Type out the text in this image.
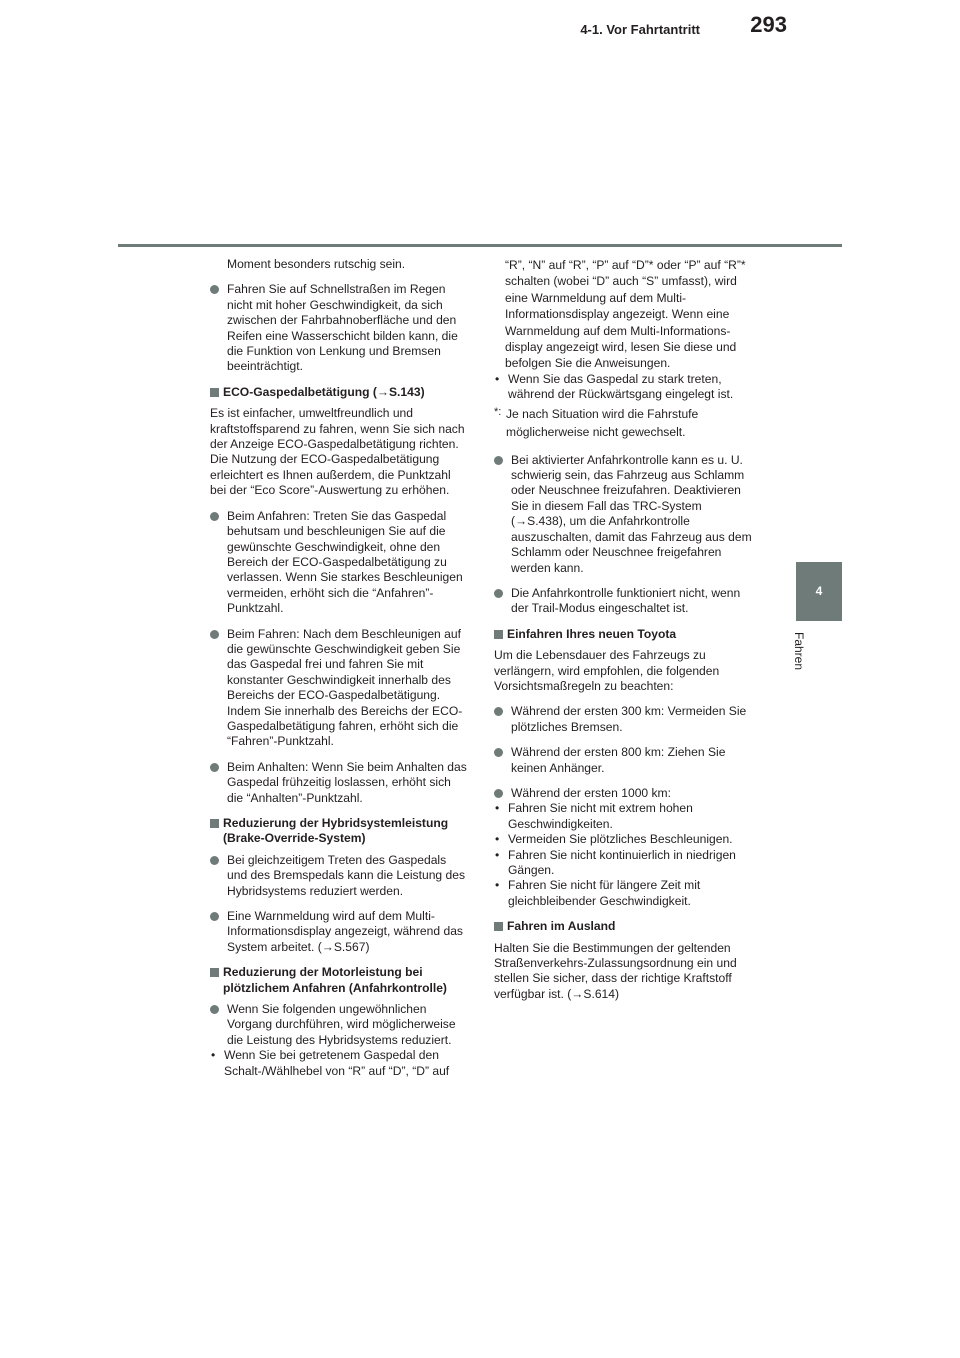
293
4-1. Vor Fahrtantritt
4
Fahren

Moment besonders rutschig sein.

Fahren Sie auf Schnellstraßen im Regen nicht mit hoher Geschwindigkeit, da sich zwischen der Fahrbahnoberfläche und den Reifen eine Wasserschicht bilden kann, die die Funktion von Lenkung und Bremsen beeinträchtigt.
ECO-Gaspedalbetätigung (→S.143)

Es ist einfacher, umweltfreundlich und kraftstoffsparend zu fahren, wenn Sie sich nach der Anzeige ECO-Gaspedalbetätigung richten. Die Nutzung der ECO-Gaspedalbetätigung erleichtert es Ihnen außerdem, die Punktzahl bei der “Eco Score”-Auswertung zu erhöhen.

Beim Anfahren: Treten Sie das Gaspedal behutsam und beschleunigen Sie auf die gewünschte Geschwindigkeit, ohne den Bereich der ECO-Gaspedalbetätigung zu verlassen. Wenn Sie starkes Beschleunigen vermeiden, erhöht sich die “Anfahren”-Punktzahl.
Beim Fahren: Nach dem Beschleunigen auf die gewünschte Geschwindigkeit geben Sie das Gaspedal frei und fahren Sie mit konstanter Geschwindigkeit innerhalb des Bereichs der ECO-Gaspedalbetätigung. Indem Sie innerhalb des Bereichs der ECO-Gaspedalbetätigung fahren, erhöht sich die “Fahren”-Punktzahl.
Beim Anhalten: Wenn Sie beim Anhalten das Gaspedal frühzeitig loslassen, erhöht sich die “Anhalten”-Punktzahl.
Reduzierung der Hybridsystemleistung (Brake-Override-System)
Bei gleichzeitigem Treten des Gaspedals und des Bremspedals kann die Leistung des Hybridsystems reduziert werden.
Eine Warnmeldung wird auf dem Multi-Informationsdisplay angezeigt, während das System arbeitet. (→S.567)
Reduzierung der Motorleistung bei plötzlichem Anfahren (Anfahrkontrolle)
Wenn Sie folgenden ungewöhnlichen Vorgang durchführen, wird möglicherweise die Leistung des Hybridsystems reduziert.
• Wenn Sie bei getretenem Gaspedal den Schalt-/Wählhebel von “R” auf “D”, “D” auf

“R”, “N” auf “R”, “P” auf “D”* oder “P” auf “R”* schalten (wobei “D” auch “S” umfasst), wird eine Warnmeldung auf dem Multi-Informationsdisplay angezeigt. Wenn eine Warnmeldung auf dem Multi-Informations-display angezeigt wird, lesen Sie diese und befolgen Sie die Anweisungen.

• Wenn Sie das Gaspedal zu stark treten, während der Rückwärtsgang eingelegt ist.
*: Je nach Situation wird die Fahrstufe möglicherweise nicht gewechselt.
Bei aktivierter Anfahrkontrolle kann es u. U. schwierig sein, das Fahrzeug aus Schlamm oder Neuschnee freizufahren. Deaktivieren Sie in diesem Fall das TRC-System (→S.438), um die Anfahrkontrolle auszuschalten, damit das Fahrzeug aus dem Schlamm oder Neuschnee freigefahren werden kann.
Die Anfahrkontrolle funktioniert nicht, wenn der Trail-Modus eingeschaltet ist.
Einfahren Ihres neuen Toyota

Um die Lebensdauer des Fahrzeugs zu verlängern, wird empfohlen, die folgenden Vorsichtsmaßregeln zu beachten:

Während der ersten 300 km: Vermeiden Sie plötzliches Bremsen.
Während der ersten 800 km: Ziehen Sie keinen Anhänger.
Während der ersten 1000 km:
• Fahren Sie nicht mit extrem hohen Geschwindigkeiten.
• Vermeiden Sie plötzliches Beschleunigen.
• Fahren Sie nicht kontinuierlich in niedrigen Gängen.
• Fahren Sie nicht für längere Zeit mit gleichbleibender Geschwindigkeit.
Fahren im Ausland

Halten Sie die Bestimmungen der geltenden Straßenverkehrs-Zulassungsordnung ein und stellen Sie sicher, dass der richtige Kraftstoff verfügbar ist. (→S.614)
